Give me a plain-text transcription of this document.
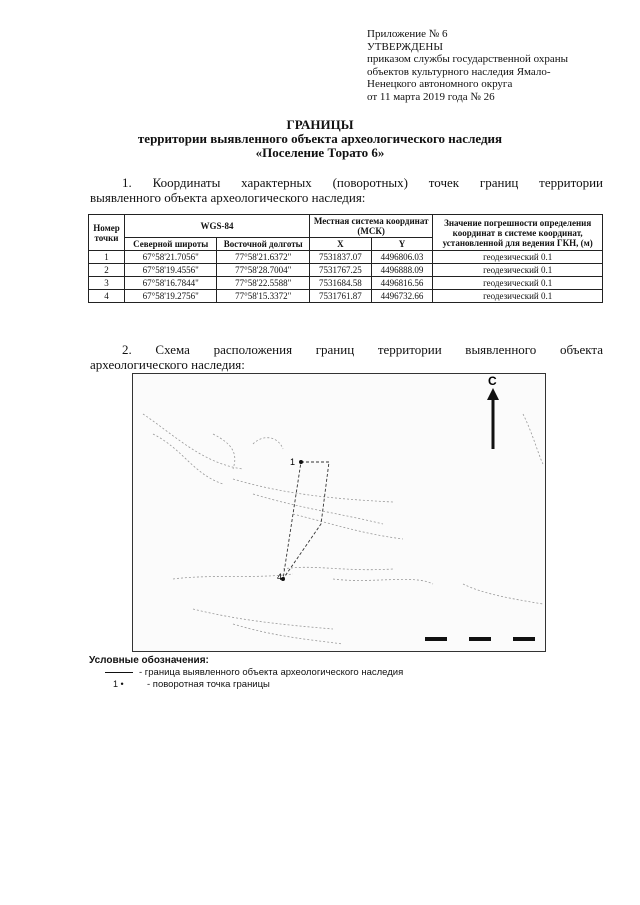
Приложение № 6
УТВЕРЖДЕНЫ
приказом службы государственной охраны
объектов культурного наследия Ямало-
Ненецкого автономного округа
от 11 марта 2019 года № 26
ГРАНИЦЫ
территории выявленного объекта археологического наследия
«Поселение Торато 6»
1. Координаты характерных (поворотных) точек границ территории
выявленного объекта археологического наследия:
Номер точки	WGS-84		Местная система координат (МСК)		Значение погрешности определения координат в системе координат, установленной для ведения ГКН, (м)
	Северной широты	Восточной долготы	X	Y	
1	67°58'21.7056"	77°58'21.6372"	7531837.07	4496806.03	геодезический 0.1
2	67°58'19.4556"	77°58'28.7004"	7531767.25	4496888.09	геодезический 0.1
3	67°58'16.7844"	77°58'22.5588"	7531684.58	4496816.56	геодезический 0.1
4	67°58'19.2756"	77°58'15.3372"	7531761.87	4496732.66	геодезический 0.1
2. Схема расположения границ территории выявленного объекта
археологического наследия:
1
4
С
Условные обозначения:
- граница выявленного объекта археологического наследия
1 • - поворотная точка границы
